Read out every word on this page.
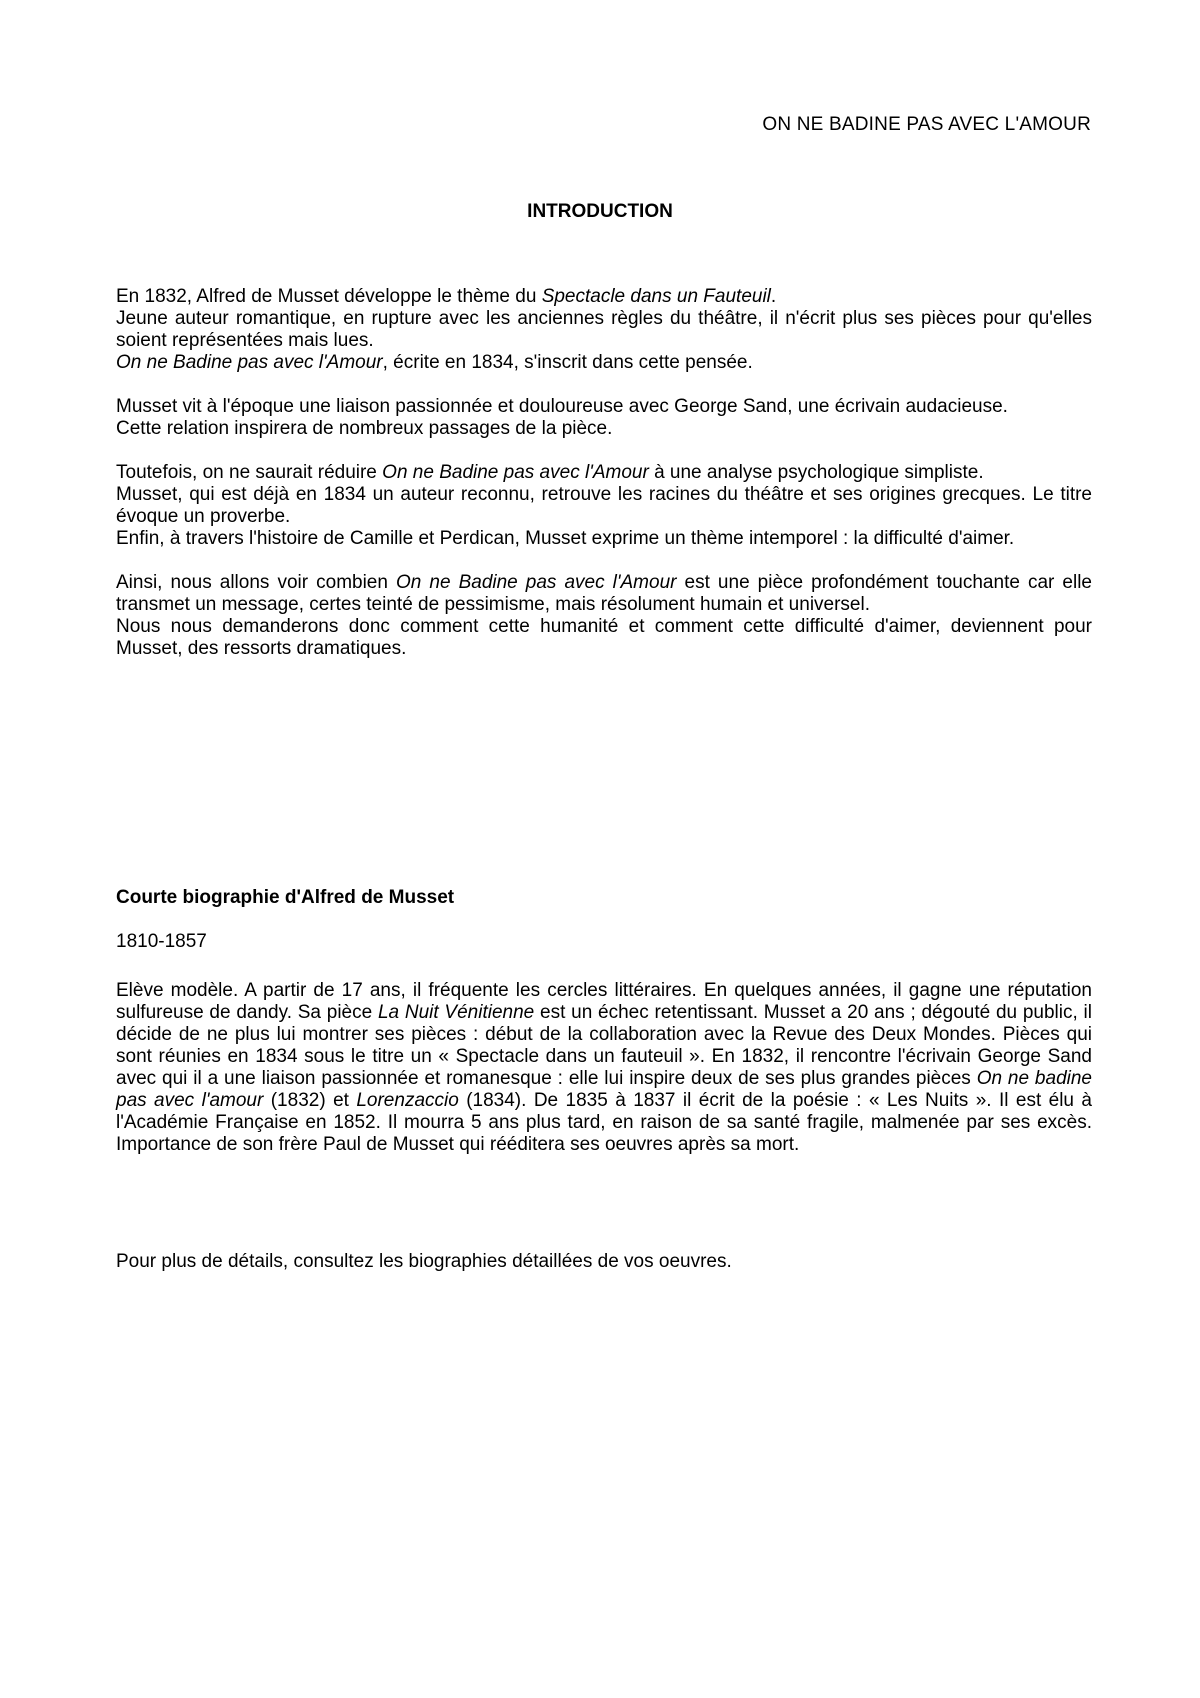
ON NE BADINE PAS AVEC L'AMOUR
INTRODUCTION

En 1832, Alfred de Musset développe le thème du Spectacle dans un Fauteuil.
Jeune auteur romantique, en rupture avec les anciennes règles du théâtre, il n'écrit plus ses pièces pour qu'elles soient représentées mais lues.
On ne Badine pas avec l'Amour, écrite en 1834, s'inscrit dans cette pensée.

Musset vit à l'époque une liaison passionnée et douloureuse avec George Sand, une écrivain audacieuse.
Cette relation inspirera de nombreux passages de la pièce.

Toutefois, on ne saurait réduire On ne Badine pas avec l'Amour à une analyse psychologique simpliste.
Musset, qui est déjà en 1834 un auteur reconnu, retrouve les racines du théâtre et ses origines grecques. Le titre évoque un proverbe.
Enfin, à travers l'histoire de Camille et Perdican, Musset exprime un thème intemporel : la difficulté d'aimer.

Ainsi, nous allons voir combien On ne Badine pas avec l'Amour est une pièce profondément touchante car elle transmet un message, certes teinté de pessimisme, mais résolument humain et universel.
Nous nous demanderons donc comment cette humanité et comment cette difficulté d'aimer, deviennent pour Musset, des ressorts dramatiques.

Courte biographie d'Alfred de Musset
1810-1857

Elève modèle. A partir de 17 ans, il fréquente les cercles littéraires. En quelques années, il gagne une réputation sulfureuse de dandy. Sa pièce La Nuit Vénitienne est un échec retentissant. Musset a 20 ans ; dégouté du public, il décide de ne plus lui montrer ses pièces : début de la collaboration avec la Revue des Deux Mondes. Pièces qui sont réunies en 1834 sous le titre un « Spectacle dans un fauteuil ». En 1832, il rencontre l'écrivain George Sand avec qui il a une liaison passionnée et romanesque : elle lui inspire deux de ses plus grandes pièces On ne badine pas avec l'amour (1832) et Lorenzaccio (1834). De 1835 à 1837 il écrit de la poésie : « Les Nuits ». Il est élu à l'Académie Française en 1852. Il mourra 5 ans plus tard, en raison de sa santé fragile, malmenée par ses excès. Importance de son frère Paul de Musset qui rééditera ses oeuvres après sa mort.

Pour plus de détails, consultez les biographies détaillées de vos oeuvres.
